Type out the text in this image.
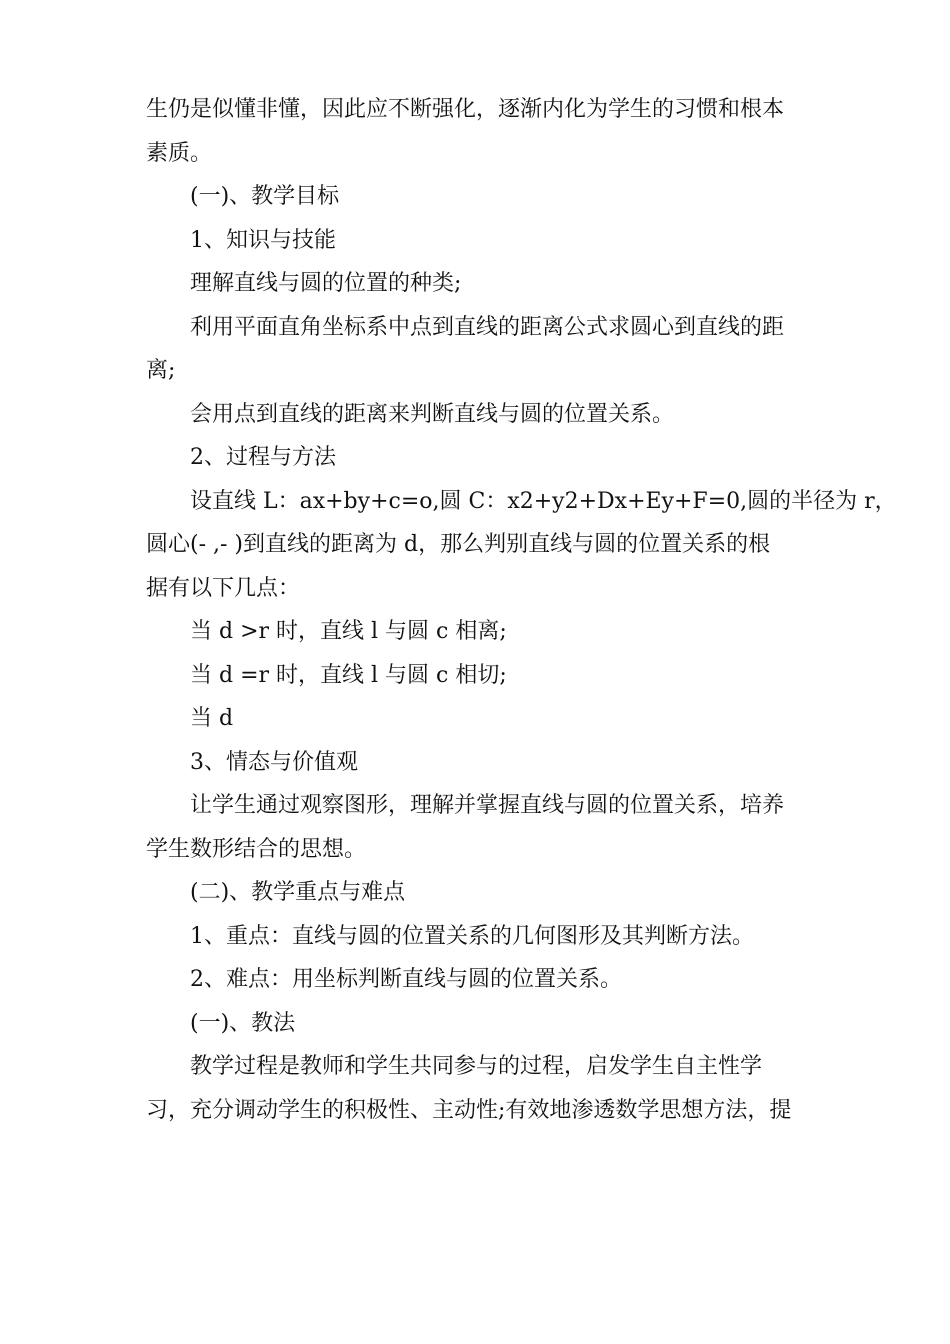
生仍是似懂非懂，因此应不断强化，逐渐内化为学生的习惯和根本
素质。
(一)、教学目标
1、知识与技能
理解直线与圆的位置的种类;
利用平面直角坐标系中点到直线的距离公式求圆心到直线的距
离;
会用点到直线的距离来判断直线与圆的位置关系。
2、过程与方法
设直线 L：ax+by+c=o,圆 C：x2+y2+Dx+Ey+F=0,圆的半径为 r，
圆心(- ,- )到直线的距离为 d，那么判别直线与圆的位置关系的根
据有以下几点：
当 d >r 时，直线 l 与圆 c 相离;
当 d =r 时，直线 l 与圆 c 相切;
当 d
3、情态与价值观
让学生通过观察图形，理解并掌握直线与圆的位置关系，培养
学生数形结合的思想。
(二)、教学重点与难点
1、重点：直线与圆的位置关系的几何图形及其判断方法。
2、难点：用坐标判断直线与圆的位置关系。
(一)、教法
教学过程是教师和学生共同参与的过程，启发学生自主性学
习，充分调动学生的积极性、主动性;有效地渗透数学思想方法，提
